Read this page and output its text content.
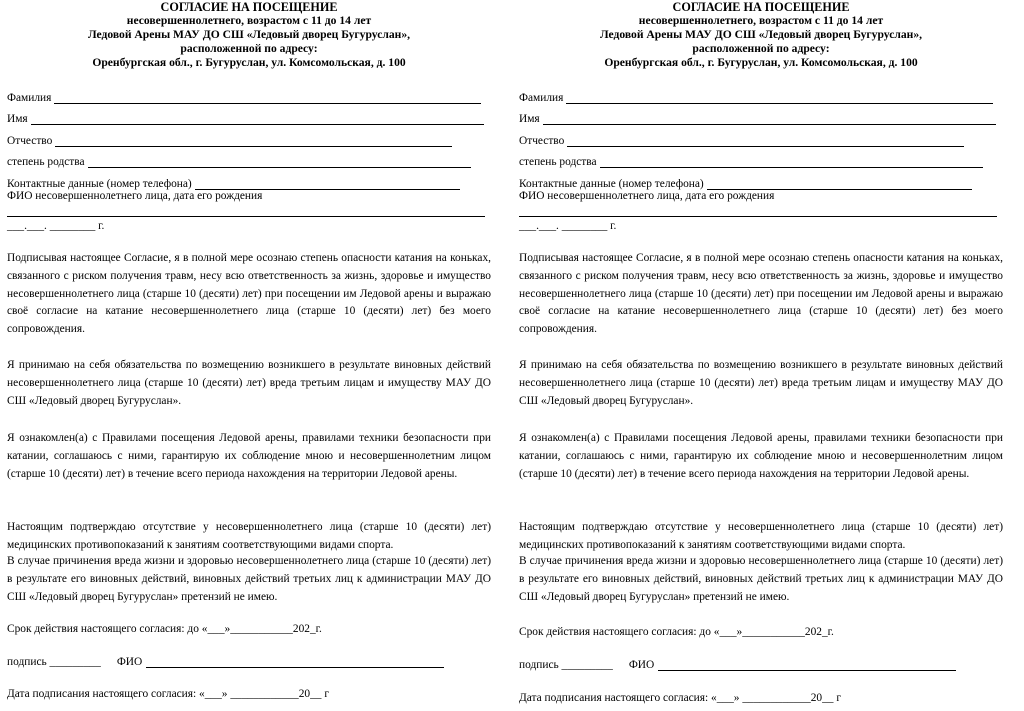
СОГЛАСИЕ НА ПОСЕЩЕНИЕ
несовершеннолетнего, возрастом с 11 до 14 лет
Ледовой Арены МАУ ДО СШ «Ледовый дворец Бугуруслан»,
расположенной по адресу:
Оренбургская обл., г. Бугуруслан, ул. Комсомольская, д. 100
Фамилия
Имя
Отчество
степень родства
Контактные данные (номер телефона)
ФИО несовершеннолетнего лица, дата его рождения
___.___. ________ г.
Подписывая настоящее Согласие, я в полной мере осознаю степень опасности катания на коньках, связанного с риском получения травм, несу всю ответственность за жизнь, здоровье и имущество несовершеннолетнего лица (старше 10 (десяти) лет) при посещении им Ледовой арены и выражаю своё согласие на катание несовершеннолетнего лица (старше 10 (десяти) лет) без моего сопровождения.
Я принимаю на себя обязательства по возмещению возникшего в результате виновных действий несовершеннолетнего лица (старше 10 (десяти) лет) вреда третьим лицам и имуществу МАУ ДО СШ «Ледовый дворец Бугуруслан».
Я ознакомлен(а) с Правилами посещения Ледовой арены, правилами техники безопасности при катании, соглашаюсь с ними, гарантирую их соблюдение мною и несовершеннолетним лицом (старше 10 (десяти) лет) в течение всего периода нахождения на территории Ледовой арены.
Настоящим подтверждаю отсутствие у несовершеннолетнего лица (старше 10 (десяти) лет) медицинских противопоказаний к занятиям соответствующими видами спорта.
В случае причинения вреда жизни и здоровью несовершеннолетнего лица (старше 10 (десяти) лет) в результате его виновных действий, виновных действий третьих лиц к администрации МАУ ДО СШ «Ледовый дворец Бугуруслан» претензий не имею.
Срок действия настоящего согласия: до «___»___________202_г.
подпись _________ ФИО
Дата подписания настоящего согласия: «___» ____________20__ г
СОГЛАСИЕ НА ПОСЕЩЕНИЕ
несовершеннолетнего, возрастом с 11 до 14 лет
Ледовой Арены МАУ ДО СШ «Ледовый дворец Бугуруслан»,
расположенной по адресу:
Оренбургская обл., г. Бугуруслан, ул. Комсомольская, д. 100
Фамилия
Имя
Отчество
степень родства
Контактные данные (номер телефона)
ФИО несовершеннолетнего лица, дата его рождения
___.___. ________ г.
Подписывая настоящее Согласие, я в полной мере осознаю степень опасности катания на коньках, связанного с риском получения травм, несу всю ответственность за жизнь, здоровье и имущество несовершеннолетнего лица (старше 10 (десяти) лет) при посещении им Ледовой арены и выражаю своё согласие на катание несовершеннолетнего лица (старше 10 (десяти) лет) без моего сопровождения.
Я принимаю на себя обязательства по возмещению возникшего в результате виновных действий несовершеннолетнего лица (старше 10 (десяти) лет) вреда третьим лицам и имуществу МАУ ДО СШ «Ледовый дворец Бугуруслан».
Я ознакомлен(а) с Правилами посещения Ледовой арены, правилами техники безопасности при катании, соглашаюсь с ними, гарантирую их соблюдение мною и несовершеннолетним лицом (старше 10 (десяти) лет) в течение всего периода нахождения на территории Ледовой арены.
Настоящим подтверждаю отсутствие у несовершеннолетнего лица (старше 10 (десяти) лет) медицинских противопоказаний к занятиям соответствующими видами спорта.
В случае причинения вреда жизни и здоровью несовершеннолетнего лица (старше 10 (десяти) лет) в результате его виновных действий, виновных действий третьих лиц к администрации МАУ ДО СШ «Ледовый дворец Бугуруслан» претензий не имею.
Срок действия настоящего согласия: до «___»___________202_г.
подпись _________ ФИО
Дата подписания настоящего согласия: «___» ____________20__ г
